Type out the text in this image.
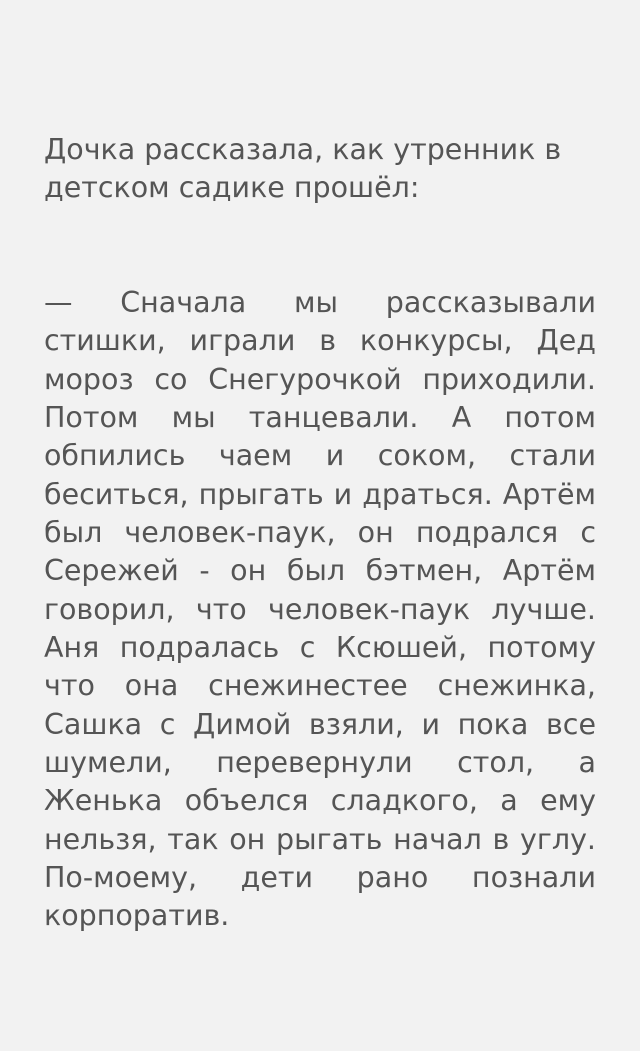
Дочка рассказала, как утренник в детском садике прошёл:

— Сначала мы рассказывали стишки, играли в конкурсы, Дед мороз со Снегурочкой приходили. Потом мы танцевали. А потом обпились чаем и соком, стали беситься, прыгать и драться. Артём был человек-паук, он подрался с Сережей - он был бэтмен, Артём говорил, что человек-паук лучше. Аня подралась с Ксюшей, потому что она снежинестее снежинка, Сашка с Димой взяли, и пока все шумели, перевернули стол, а Женька объелся сладкого, а ему нельзя, так он рыгать начал в углу. По-моему, дети рано познали корпоратив.
